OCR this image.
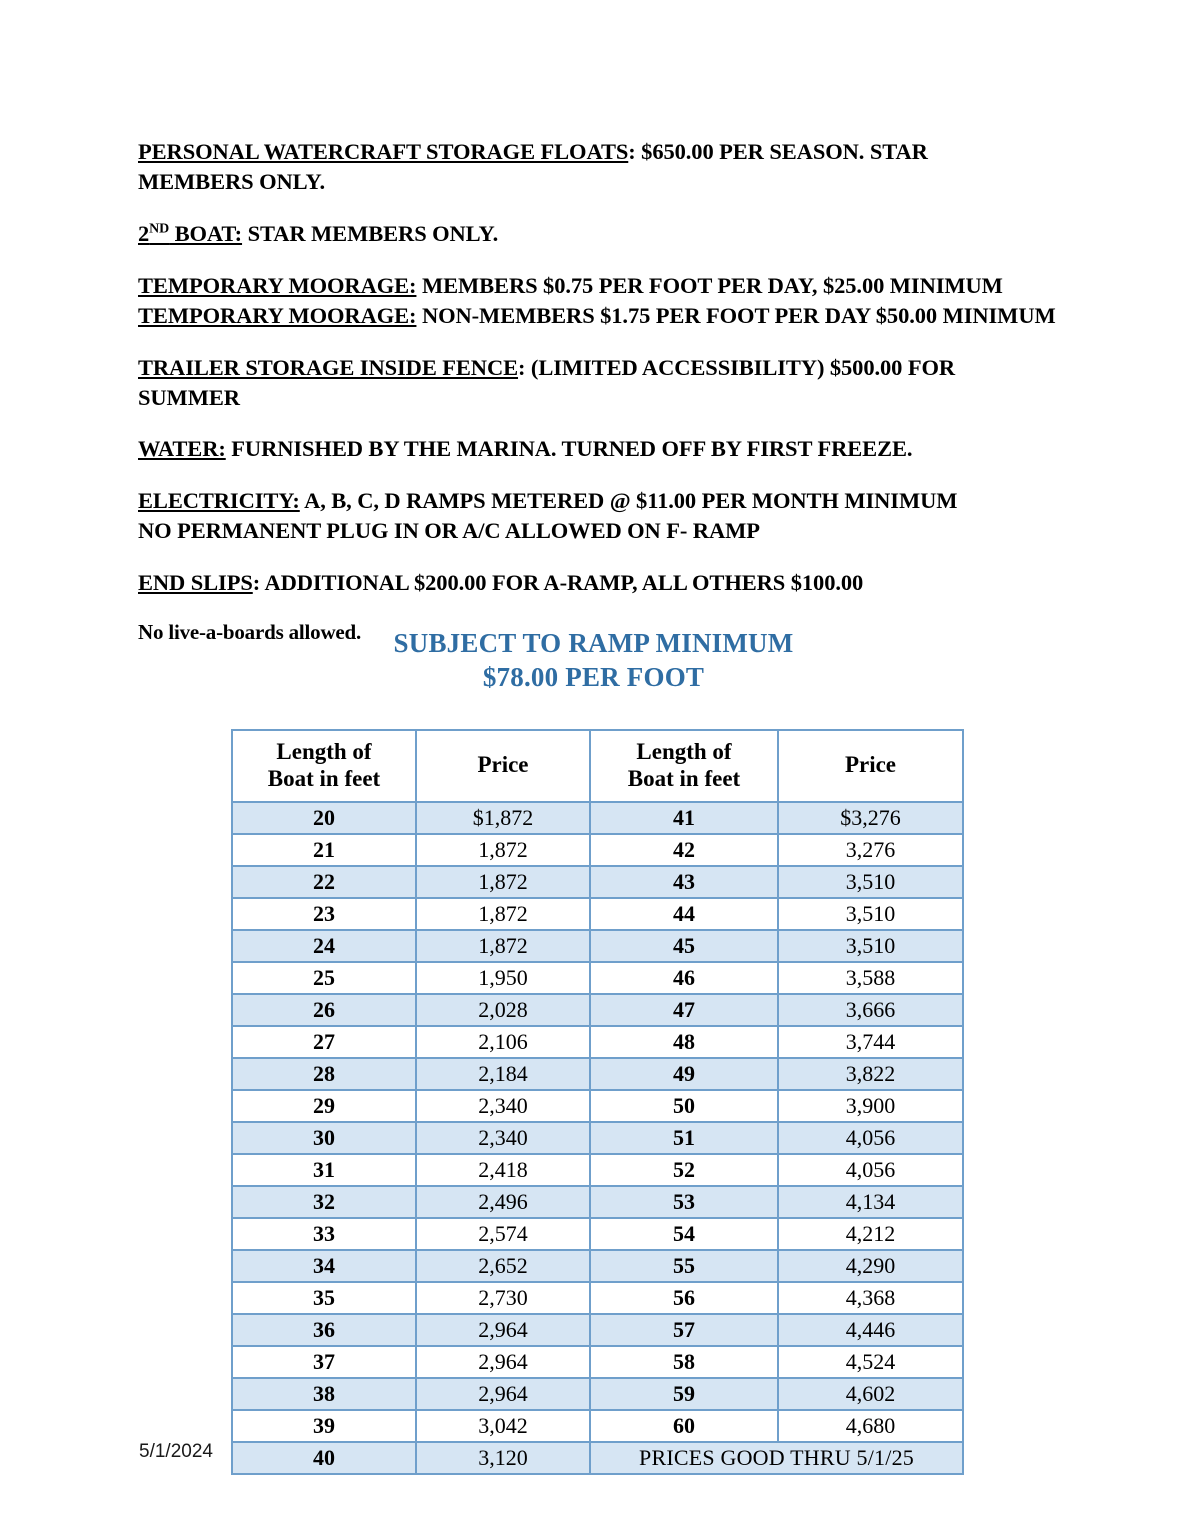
PERSONAL WATERCRAFT STORAGE FLOATS: $650.00 PER SEASON. STAR
MEMBERS ONLY.

2ND BOAT: STAR MEMBERS ONLY.

TEMPORARY MOORAGE: MEMBERS $0.75 PER FOOT PER DAY, $25.00 MINIMUM
TEMPORARY MOORAGE: NON-MEMBERS $1.75 PER FOOT PER DAY $50.00 MINIMUM

TRAILER STORAGE INSIDE FENCE: (LIMITED ACCESSIBILITY) $500.00 FOR
SUMMER

WATER: FURNISHED BY THE MARINA. TURNED OFF BY FIRST FREEZE.

ELECTRICITY: A, B, C, D RAMPS METERED @ $11.00 PER MONTH MINIMUM
NO PERMANENT PLUG IN OR A/C ALLOWED ON F- RAMP

END SLIPS: ADDITIONAL $200.00 FOR A-RAMP, ALL OTHERS $100.00

No live-a-boards allowed.	SUBJECT TO RAMP MINIMUM
$78.00 PER FOOT
Length of
Boat in feet	Price	Length of
Boat in feet	Price
20	$1,872	41	$3,276
21	1,872	42	3,276
22	1,872	43	3,510
23	1,872	44	3,510
24	1,872	45	3,510
25	1,950	46	3,588
26	2,028	47	3,666
27	2,106	48	3,744
28	2,184	49	3,822
29	2,340	50	3,900
30	2,340	51	4,056
31	2,418	52	4,056
32	2,496	53	4,134
33	2,574	54	4,212
34	2,652	55	4,290
35	2,730	56	4,368
36	2,964	57	4,446
37	2,964	58	4,524
38	2,964	59	4,602
39	3,042	60	4,680
40	3,120	PRICES GOOD THRU 5/1/25	
5/1/2024
